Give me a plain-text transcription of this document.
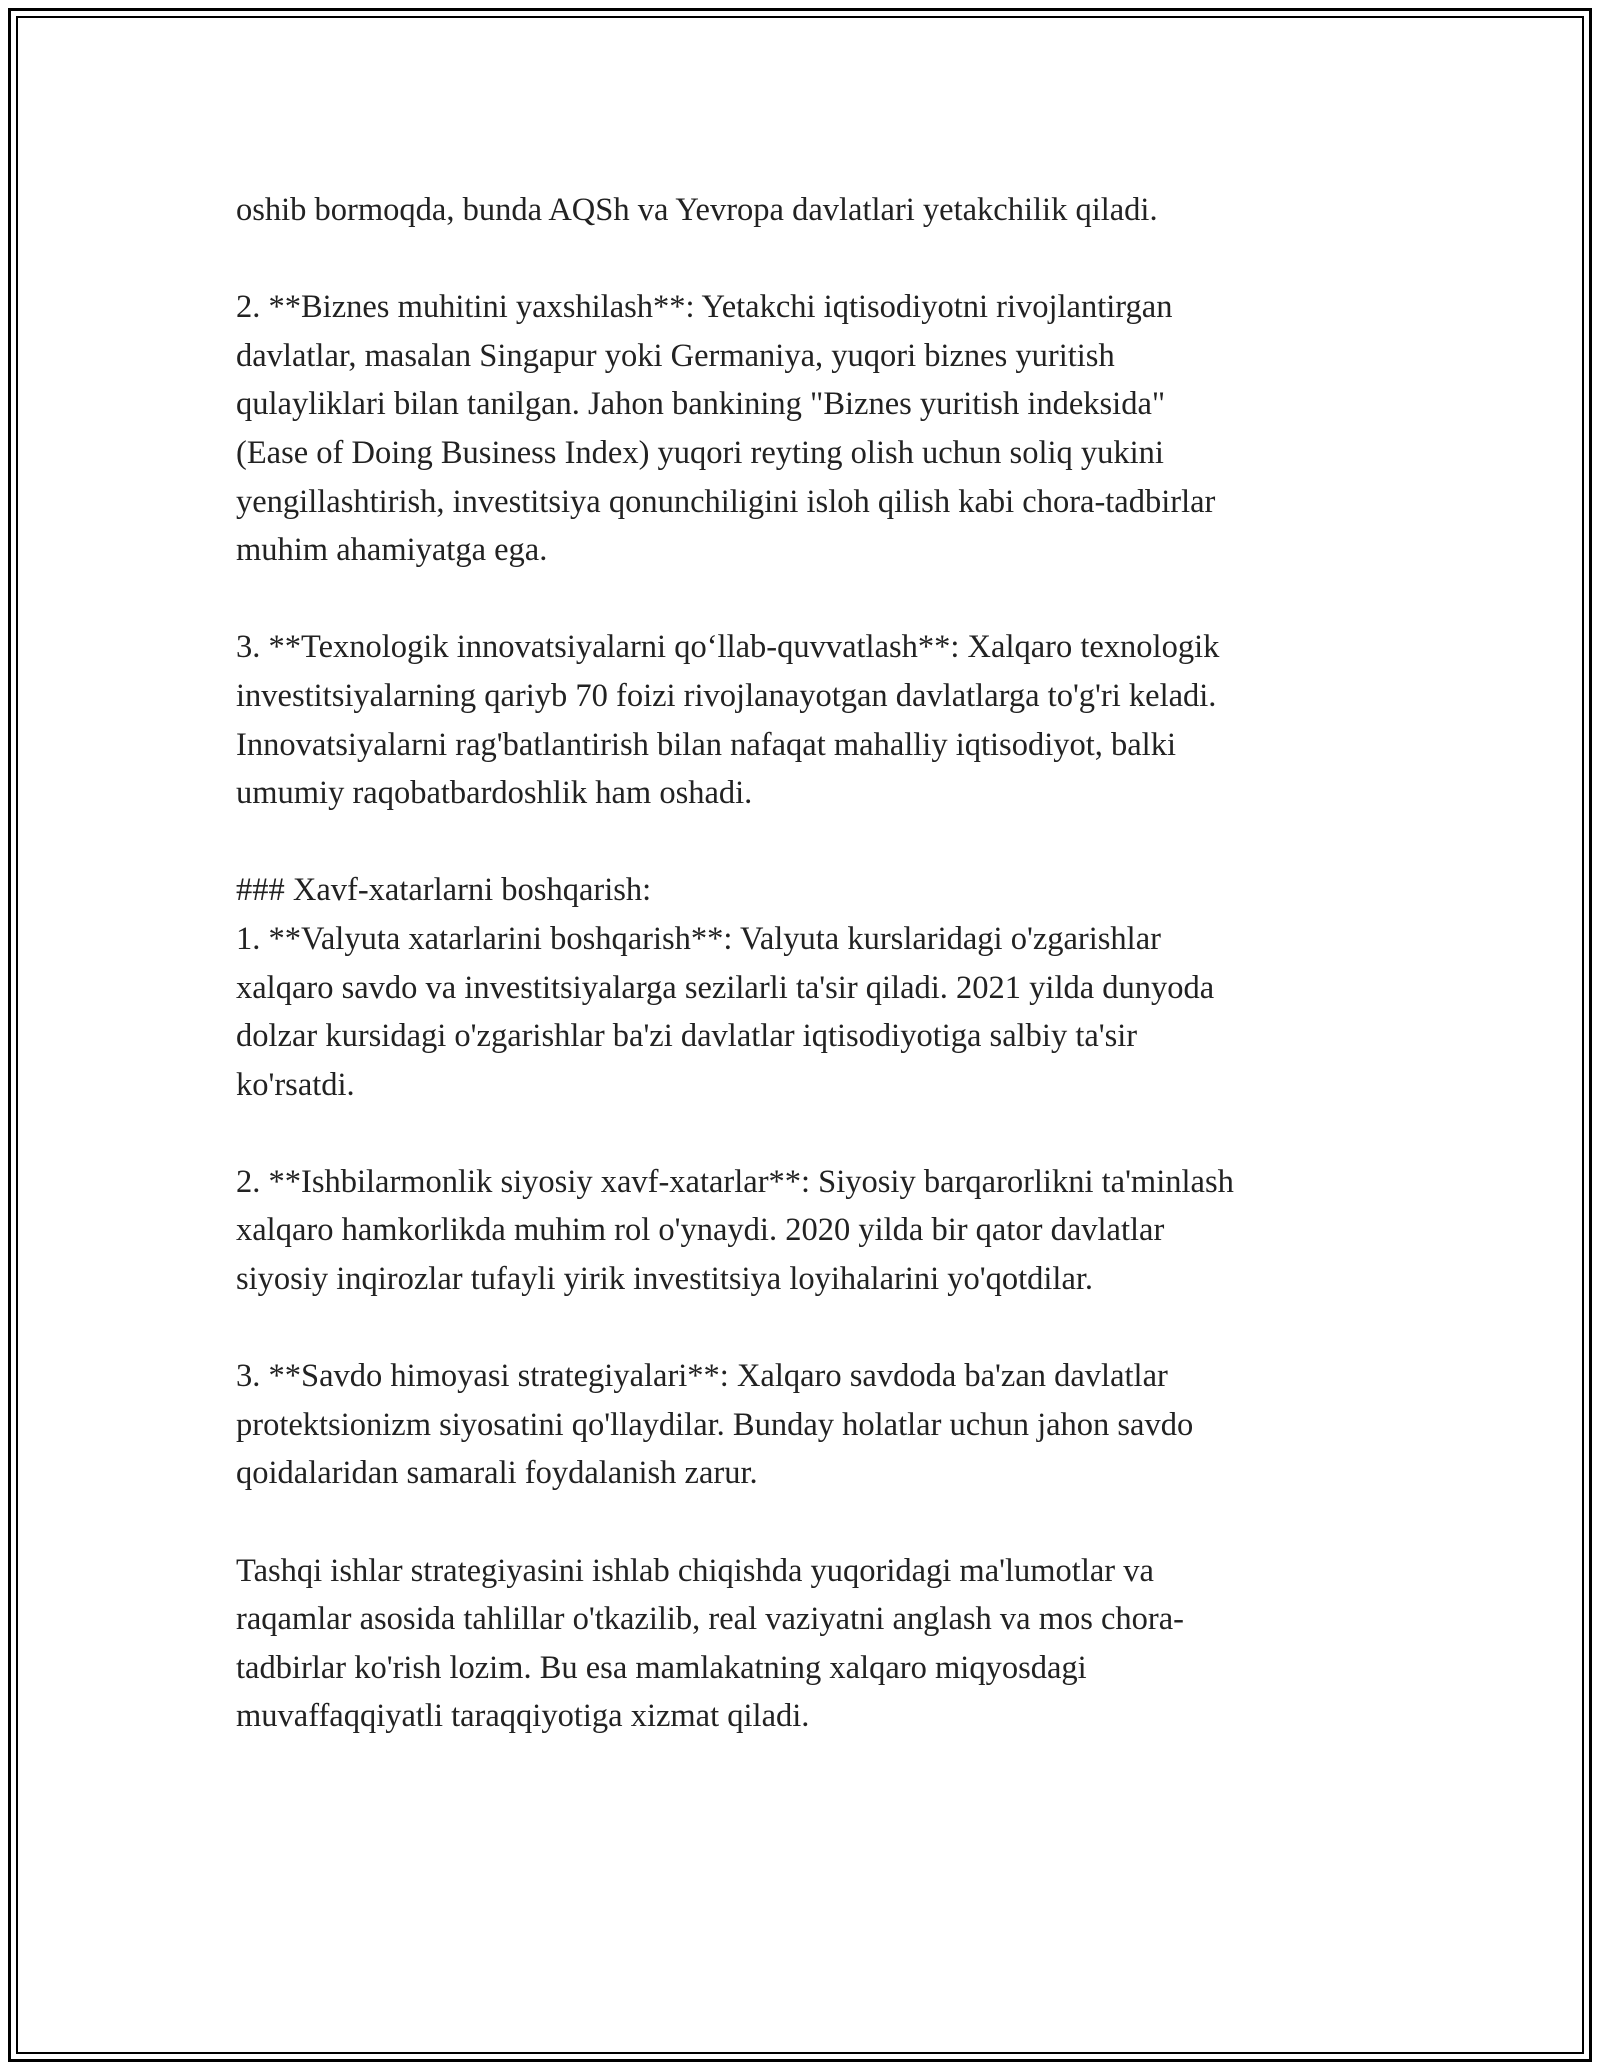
oshib bormoqda, bunda AQSh va Yevropa davlatlari yetakchilik qiladi.
2. **Biznes muhitini yaxshilash**: Yetakchi iqtisodiyotni rivojlantirgan
davlatlar, masalan Singapur yoki Germaniya, yuqori biznes yuritish
qulayliklari bilan tanilgan. Jahon bankining "Biznes yuritish indeksida"
(Ease of Doing Business Index) yuqori reyting olish uchun soliq yukini
yengillashtirish, investitsiya qonunchiligini isloh qilish kabi chora-tadbirlar
muhim ahamiyatga ega.
3. **Texnologik innovatsiyalarni qo‘llab-quvvatlash**: Xalqaro texnologik
investitsiyalarning qariyb 70 foizi rivojlanayotgan davlatlarga to'g'ri keladi.
Innovatsiyalarni rag'batlantirish bilan nafaqat mahalliy iqtisodiyot, balki
umumiy raqobatbardoshlik ham oshadi.
### Xavf-xatarlarni boshqarish:
1. **Valyuta xatarlarini boshqarish**: Valyuta kurslaridagi o'zgarishlar
xalqaro savdo va investitsiyalarga sezilarli ta'sir qiladi. 2021 yilda dunyoda
dolzar kursidagi o'zgarishlar ba'zi davlatlar iqtisodiyotiga salbiy ta'sir
ko'rsatdi.
2. **Ishbilarmonlik siyosiy xavf-xatarlar**: Siyosiy barqarorlikni ta'minlash
xalqaro hamkorlikda muhim rol o'ynaydi. 2020 yilda bir qator davlatlar
siyosiy inqirozlar tufayli yirik investitsiya loyihalarini yo'qotdilar.
3. **Savdo himoyasi strategiyalari**: Xalqaro savdoda ba'zan davlatlar
protektsionizm siyosatini qo'llaydilar. Bunday holatlar uchun jahon savdo
qoidalaridan samarali foydalanish zarur.
Tashqi ishlar strategiyasini ishlab chiqishda yuqoridagi ma'lumotlar va
raqamlar asosida tahlillar o'tkazilib, real vaziyatni anglash va mos chora-
tadbirlar ko'rish lozim. Bu esa mamlakatning xalqaro miqyosdagi
muvaffaqqiyatli taraqqiyotiga xizmat qiladi.
